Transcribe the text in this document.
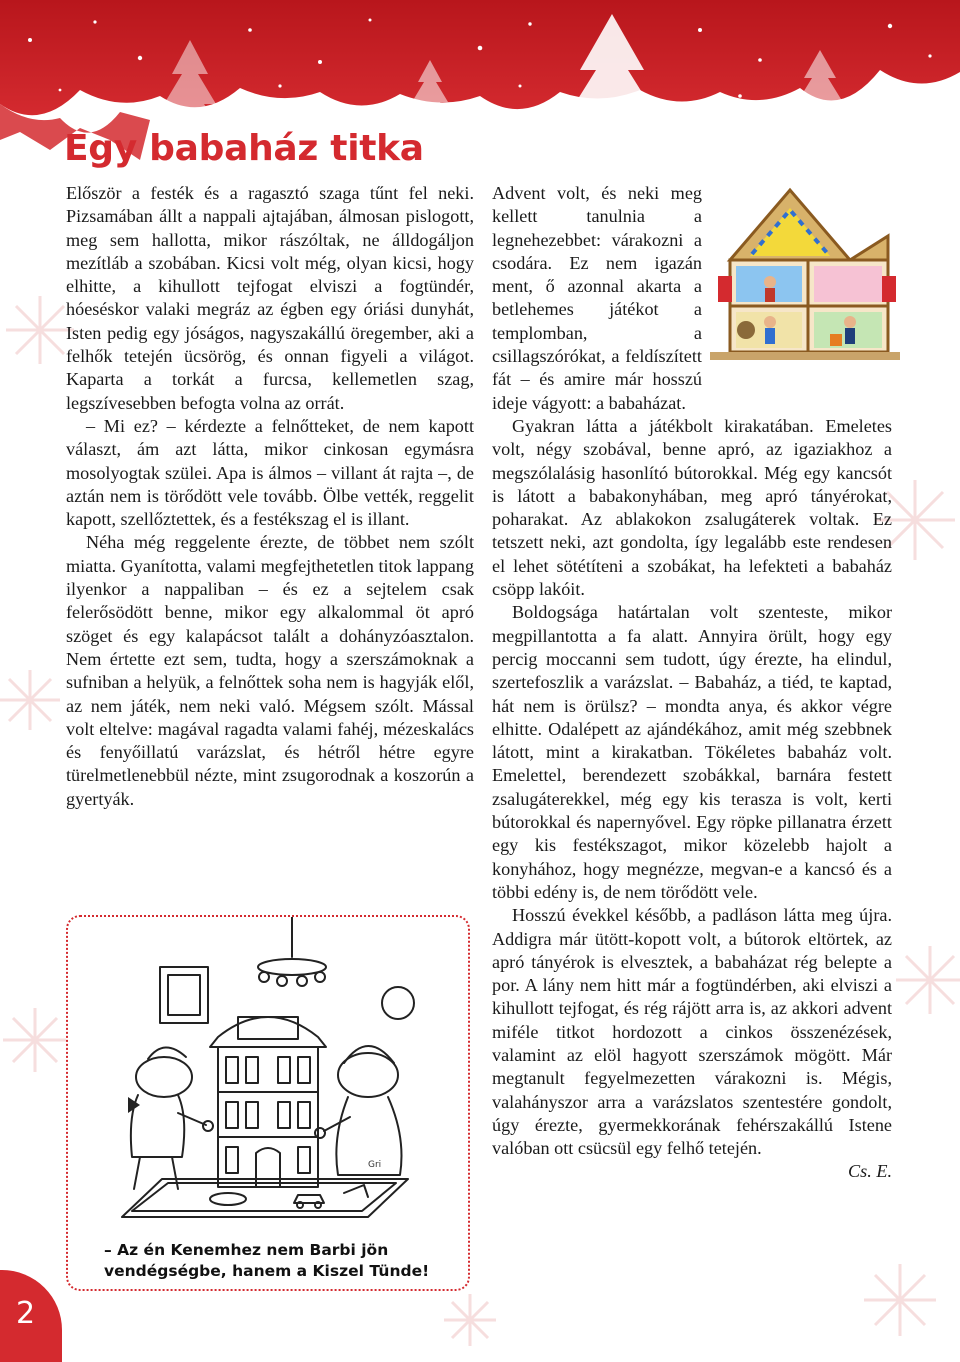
Egy babaház titka

Először a festék és a ragasztó szaga tűnt fel neki. Pizsamában állt a nappali ajtajában, álmosan pislogott, meg sem hallotta, mikor rászóltak, ne álldogáljon mezítláb a szobában. Kicsi volt még, olyan kicsi, hogy elhitte, a kihullott tejfogat elviszi a fogtündér, hóeséskor valaki megráz az égben egy óriási dunyhát, Isten pedig egy jóságos, nagyszakállú öregember, aki a felhők tetején ücsörög, és onnan figyeli a világot. Kaparta a torkát a furcsa, kellemetlen szag, legszívesebben befogta volna az orrát.

– Mi ez? – kérdezte a felnőtteket, de nem kapott választ, ám azt látta, mikor cinkosan egymásra mosolyogtak szülei. Apa is álmos – villant át rajta –, de aztán nem is törődött vele tovább. Ölbe vették, reggelit kapott, szellőztettek, és a festékszag el is illant.

Néha még reggelente érezte, de többet nem szólt miatta. Gyanította, valami megfejthetetlen titok lappang ilyenkor a nappaliban – és ez a sejtelem csak felerősödött benne, mikor egy alkalommal öt apró szöget és egy kalapácsot talált a dohányzóasztalon. Nem értette ezt sem, tudta, hogy a szerszámoknak a sufniban a helyük, a felnőttek soha nem is hagyják elől, az nem játék, nem neki való. Mégsem szólt. Mással volt eltelve: magával ragadta valami fahéj, mézeskalács és fenyőillatú varázslat, és hétről hétre egyre türelmetlenebbül nézte, mint zsugorodnak a koszorún a gyertyák.

Advent volt, és neki meg kellett tanulnia a legnehezebbet: várakozni a csodára. Ez nem igazán ment, ő azonnal akarta a betlehemes játékot a templomban, a csillagszórókat, a feldíszített fát – és amire már hosszú ideje vágyott: a babaházat.

Gyakran látta a játékbolt kirakatában. Emeletes volt, négy szobával, benne apró, az igaziakhoz a megszólalásig hasonlító bútorokkal. Még egy kancsót is látott a babakonyhában, meg apró tányérokat, poharakat. Az ablakokon zsalugáterek voltak. Ez tetszett neki, azt gondolta, így legalább este rendesen el lehet sötétíteni a szobákat, ha lefekteti a babaház csöpp lakóit.

Boldogsága határtalan volt szenteste, mikor megpillantotta a fa alatt. Annyira örült, hogy egy percig moccanni sem tudott, úgy érezte, ha elindul, szertefoszlik a varázslat. – Babaház, a tiéd, te kaptad, hát nem is örülsz? – mondta anya, és akkor végre elhitte. Odalépett az ajándékához, amit még szebbnek látott, mint a kirakatban. Tökéletes babaház volt. Emelettel, berendezett szobákkal, barnára festett zsalugáterekkel, még egy kis terasza is volt, kerti bútorokkal és napernyővel. Egy röpke pillanatra érzett egy kis festékszagot, mikor közelebb hajolt a konyhához, hogy megnézze, megvan-e a kancsó és a többi edény is, de nem törődött vele.

Hosszú évekkel később, a padláson látta meg újra. Addigra már ütött-kopott volt, a bútorok eltörtek, az apró tányérok is elvesztek, a babaházat rég belepte a por. A lány nem hitt már a fogtündérben, aki elviszi a kihullott tejfogat, és rég rájött arra is, az akkori advent miféle titkot hordozott a cinkos összenézések, valamint az elöl hagyott szerszámok mögött. Már megtanult fegyelmezetten várakozni is. Mégis, valahányszor arra a varázslatos szentestére gondolt, úgy érezte, gyermekkorának fehérszakállú Istene valóban ott csücsül egy felhő tetején.

Cs. E.

Gri
– Az én Kenemhez nem Barbi jön vendégségbe, hanem a Kiszel Tünde!
2
